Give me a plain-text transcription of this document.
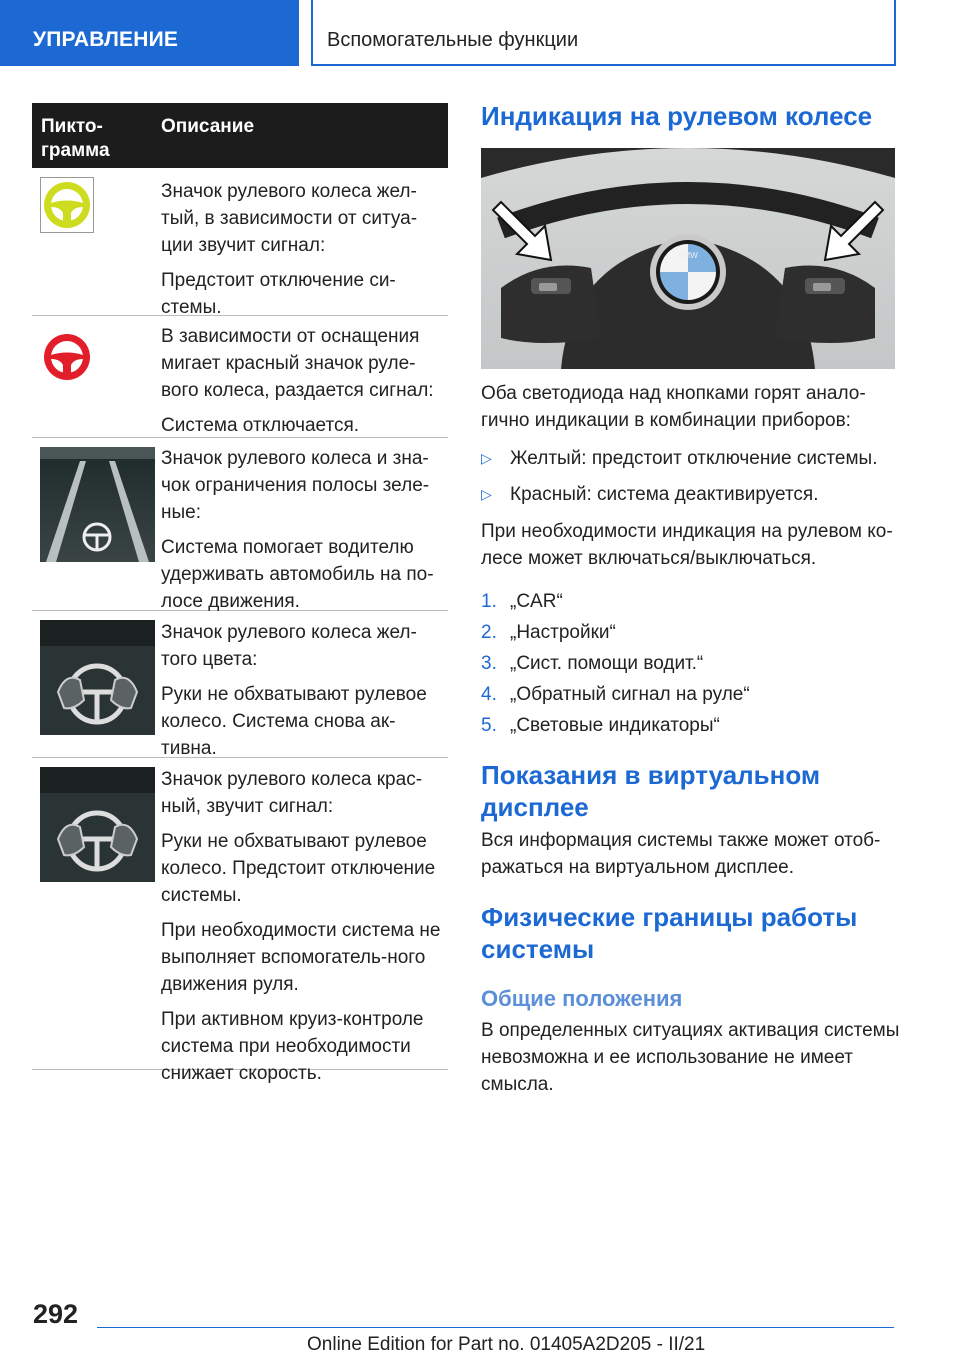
УПРАВЛЕНИЕ	Вспомогательные функции
Пикто-
грамма
Описание

Значок рулевого колеса жел-тый, в зависимости от ситуа-ции звучит сигнал:

Предстоит отключение си-стемы.

В зависимости от оснащения мигает красный значок руле-вого колеса, раздается сигнал:

Система отключается.

Значок рулевого колеса и зна-чок ограничения полосы зеле-ные:

Система помогает водителю удерживать автомобиль на по-лосе движения.

Значок рулевого колеса жел-того цвета:

Руки не обхватывают рулевое колесо. Система снова ак-тивна.

Значок рулевого колеса крас-ный, звучит сигнал:

Руки не обхватывают рулевое колесо. Предстоит отключение системы.

При необходимости система не выполняет вспомогатель-ного движения руля.

При активном круиз-контроле система при необходимости снижает скорость.

Индикация на рулевом колесе
BMW

Оба светодиода над кнопками горят анало-гично индикации в комбинации приборов:

▷ Желтый: предстоит отключение системы.
▷ Красный: система деактивируется.

При необходимости индикация на рулевом ко-лесе может включаться/выключаться.

1. „CAR“
2. „Настройки“
3. „Сист. помощи водит.“
4. „Обратный сигнал на руле“
5. „Световые индикаторы“
Показания в виртуальном дисплее

Вся информация системы также может отоб-ражаться на виртуальном дисплее.

Физические границы работы системы
Общие положения

В определенных ситуациях активация системы невозможна и ее использование не имеет смысла.

292
Online Edition for Part no. 01405A2D205 - II/21
